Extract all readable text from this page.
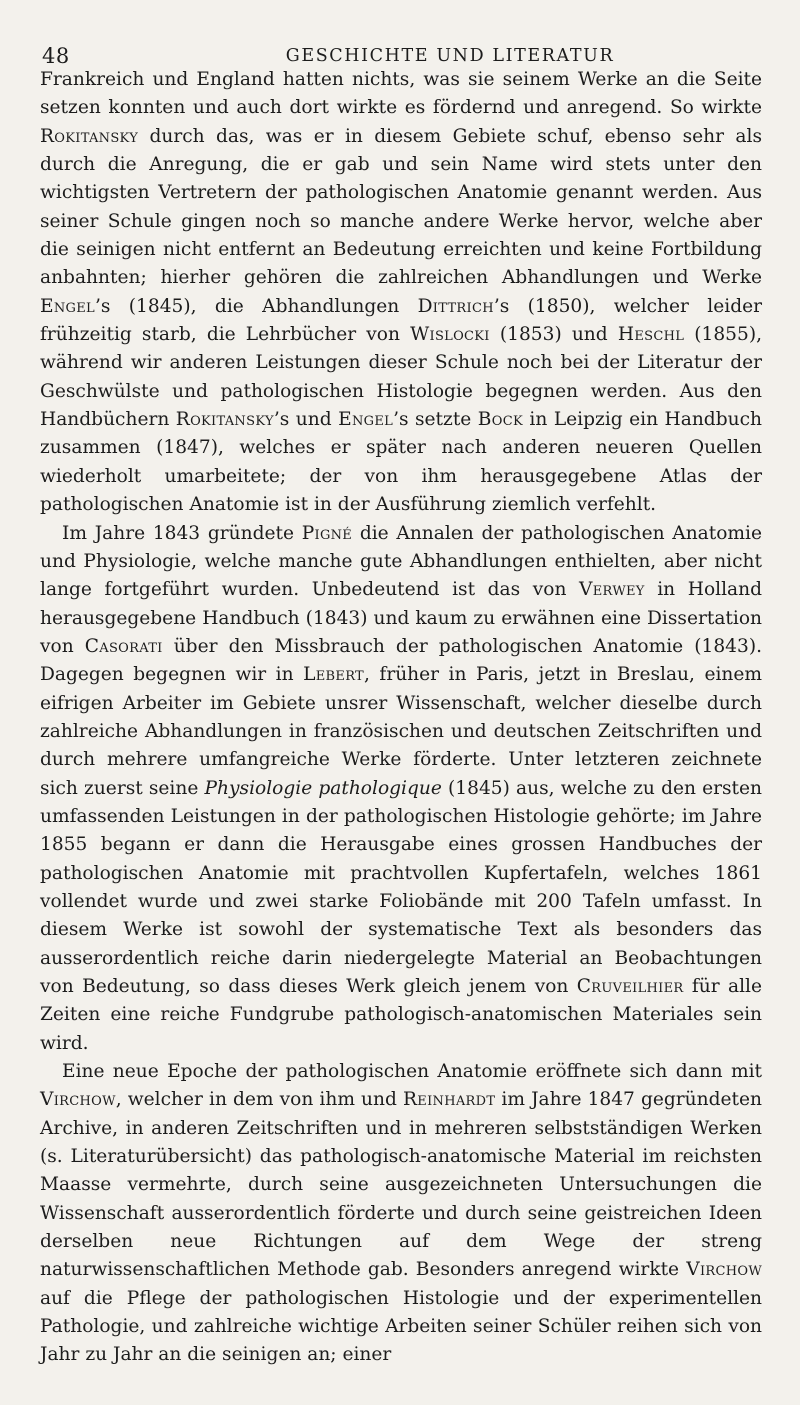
48	GESCHICHTE UND LITERATUR

Frankreich und England hatten nichts, was sie seinem Werke an die Seite setzen konnten und auch dort wirkte es fördernd und anregend. So wirkte Rokitansky durch das, was er in diesem Gebiete schuf, ebenso sehr als durch die Anregung, die er gab und sein Name wird stets unter den wichtigsten Vertretern der pathologischen Anatomie genannt werden. Aus seiner Schule gingen noch so manche andere Werke hervor, welche aber die seinigen nicht entfernt an Bedeutung erreichten und keine Fortbildung anbahnten; hierher gehören die zahlreichen Abhandlungen und Werke Engel’s (1845), die Abhandlungen Dittrich’s (1850), welcher leider frühzeitig starb, die Lehrbücher von Wislocki (1853) und Heschl (1855), während wir anderen Leistungen dieser Schule noch bei der Literatur der Geschwülste und pathologischen Histologie begegnen werden. Aus den Handbüchern Rokitansky’s und Engel’s setzte Bock in Leipzig ein Handbuch zusammen (1847), welches er später nach anderen neueren Quellen wiederholt umarbeitete; der von ihm herausgegebene Atlas der pathologischen Anatomie ist in der Ausführung ziemlich verfehlt.

Im Jahre 1843 gründete Pigné die Annalen der pathologischen Anatomie und Physiologie, welche manche gute Abhandlungen enthielten, aber nicht lange fortgeführt wurden. Unbedeutend ist das von Verwey in Holland herausgegebene Handbuch (1843) und kaum zu erwähnen eine Dissertation von Casorati über den Missbrauch der pathologischen Anatomie (1843). Dagegen begegnen wir in Lebert, früher in Paris, jetzt in Breslau, einem eifrigen Arbeiter im Gebiete unsrer Wissenschaft, welcher dieselbe durch zahlreiche Abhandlungen in französischen und deutschen Zeitschriften und durch mehrere umfangreiche Werke förderte. Unter letzteren zeichnete sich zuerst seine Physiologie pathologique (1845) aus, welche zu den ersten umfassenden Leistungen in der pathologischen Histologie gehörte; im Jahre 1855 begann er dann die Herausgabe eines grossen Handbuches der pathologischen Anatomie mit prachtvollen Kupfertafeln, welches 1861 vollendet wurde und zwei starke Foliobände mit 200 Tafeln umfasst. In diesem Werke ist sowohl der systematische Text als besonders das ausserordentlich reiche darin niedergelegte Material an Beobachtungen von Bedeutung, so dass dieses Werk gleich jenem von Cruveilhier für alle Zeiten eine reiche Fundgrube pathologisch-anatomischen Materiales sein wird.

Eine neue Epoche der pathologischen Anatomie eröffnete sich dann mit Virchow, welcher in dem von ihm und Reinhardt im Jahre 1847 gegründeten Archive, in anderen Zeitschriften und in mehreren selbstständigen Werken (s. Literaturübersicht) das pathologisch-anatomische Material im reichsten Maasse vermehrte, durch seine ausgezeichneten Untersuchungen die Wissenschaft ausserordentlich förderte und durch seine geistreichen Ideen derselben neue Richtungen auf dem Wege der streng naturwissenschaftlichen Methode gab. Besonders anregend wirkte Virchow auf die Pflege der pathologischen Histologie und der experimentellen Pathologie, und zahlreiche wichtige Arbeiten seiner Schüler reihen sich von Jahr zu Jahr an die seinigen an; einer
